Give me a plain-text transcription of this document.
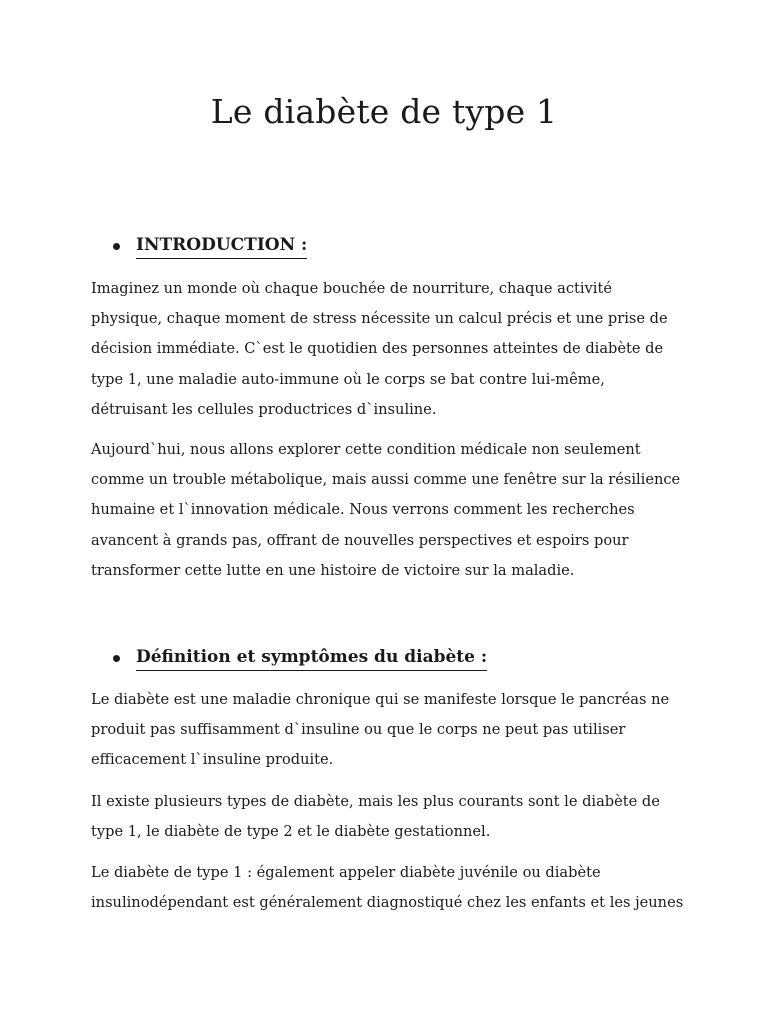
Le diabète de type 1
INTRODUCTION :

Imaginez un monde où chaque bouchée de nourriture, chaque activité
physique, chaque moment de stress nécessite un calcul précis et une prise de
décision immédiate. C`est le quotidien des personnes atteintes de diabète de
type 1, une maladie auto-immune où le corps se bat contre lui-même,
détruisant les cellules productrices d`insuline.

Aujourd`hui, nous allons explorer cette condition médicale non seulement
comme un trouble métabolique, mais aussi comme une fenêtre sur la résilience
humaine et l`innovation médicale. Nous verrons comment les recherches
avancent à grands pas, offrant de nouvelles perspectives et espoirs pour
transformer cette lutte en une histoire de victoire sur la maladie.

Définition et symptômes du diabète :

Le diabète est une maladie chronique qui se manifeste lorsque le pancréas ne
produit pas suffisamment d`insuline ou que le corps ne peut pas utiliser
efficacement l`insuline produite.

Il existe plusieurs types de diabète, mais les plus courants sont le diabète de
type 1, le diabète de type 2 et le diabète gestationnel.

Le diabète de type 1 : également appeler diabète juvénile ou diabète
insulinodépendant est généralement diagnostiqué chez les enfants et les jeunes
